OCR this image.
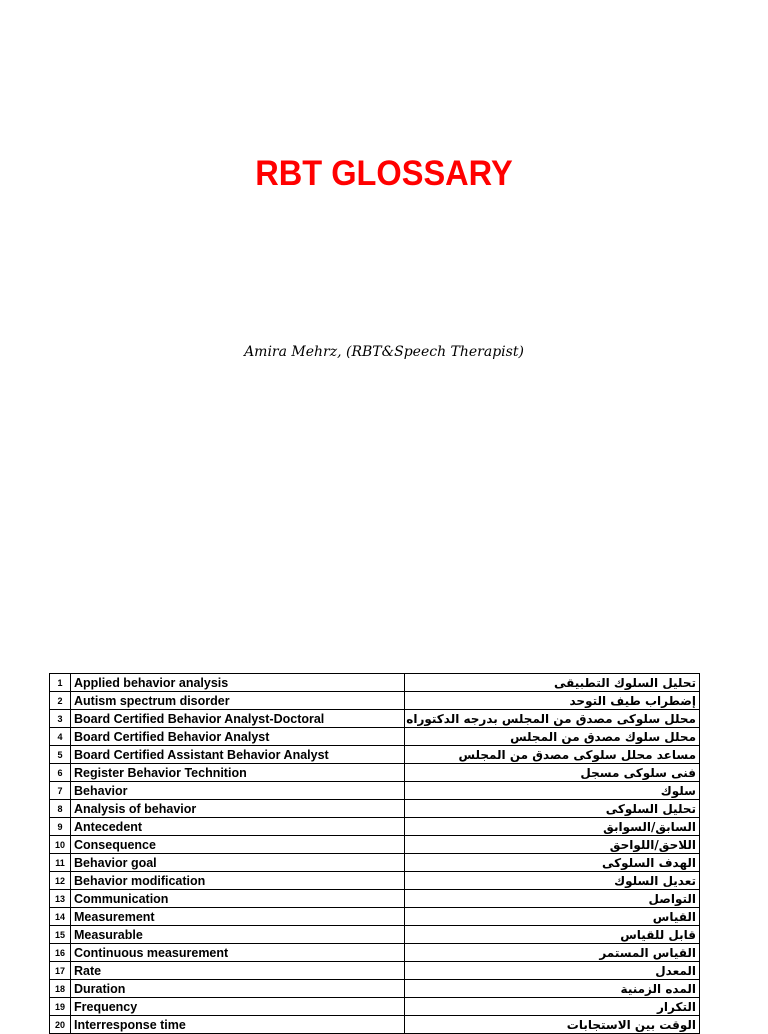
RBT GLOSSARY
Amira Mehrz, (RBT&Speech Therapist)
1	Applied behavior analysis	تحليل السلوك التطبيقى
2	Autism spectrum disorder	إضطراب طيف التوحد
3	Board Certified Behavior Analyst-Doctoral	محلل سلوكى مصدق من المجلس بدرجه الدكتوراه
4	Board Certified Behavior Analyst	محلل سلوك مصدق من المجلس
5	Board Certified Assistant Behavior Analyst	مساعد محلل سلوكى مصدق من المجلس
6	Register Behavior Technition	فنى سلوكى مسجل
7	Behavior	سلوك
8	Analysis of behavior	تحليل السلوكى
9	Antecedent	السابق/السوابق
10	Consequence	اللاحق/اللواحق
11	Behavior goal	الهدف السلوكى
12	Behavior modification	تعديل السلوك
13	Communication	التواصل
14	Measurement	القياس
15	Measurable	قابل للقياس
16	Continuous measurement	القياس المستمر
17	Rate	المعدل
18	Duration	المده الزمنية
19	Frequency	التكرار
20	Interresponse time	الوقت بين الاستجابات
